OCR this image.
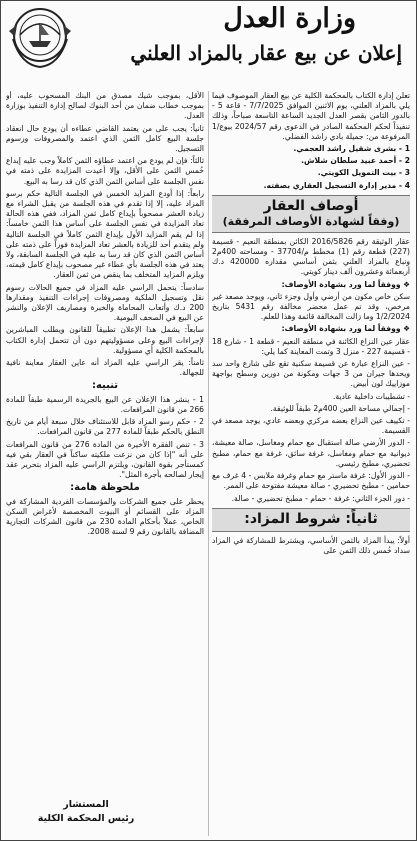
وزارة العدل
إعلان عن بيع عقار بالمزاد العلني

تعلن إدارة الكتاب بالمحكمة الكلية عن بيع العقار الموصوف فيما يلي بالمزاد العلني، يوم الاثنين الموافق 7/7/2025 - قاعة 5 - بالدور الثامن بقصر العدل الجديد الساعة التاسعة صباحاً، وذلك تنفيذاً لحكم المحكمة الصادر في الدعوى رقم 2024/57 بيوع/1 المرفوعة من: جميلة بادي راشد الفضلي.

1 - بشرى شقيل راشد العجمي.

2 - أحمد عبيد سلطان شلاش.

3 - بيت التمويل الكويتي.

4 - مدير إدارة التسجيل العقاري بصفته.

أوصاف العقار
(وفقاً لشهادة الأوصاف المرفقة)

عقار الوثيقة رقم 2016/5826 الكائن بمنطقة النعيم - قسيمة (227) قطعة رقم (1) مخطط م/37704 - ومساحته 400م2 وتباع بالمزاد العلني بثمن أساسي مقداره 420000 د.ك أربعمائة وعشرون ألف دينار كويتي.

❖ ووفقاً لما ورد بشهادة الأوصاف:

سكن خاص مكون من أرضي وأول وجزء ثاني، ويوجد مصعد غير مرخص، وقد تم عمل محضر مخالفة رقم 5431 بتاريخ 1/2/2024 وما زالت المخالفة قائمة وهذا للعلم.

❖ ووفقاً لما ورد بشهادة الأوصاف:

عقار عين النزاع الكائنة في منطقة النعيم - قطعة 1 - شارع 18 - قسيمة 227 - منزل 3 وتمت المعاينة كما يلي:

- عين النزاع عبارة عن قسيمة سكنية تقع على شارع واحد سد ويحدها جيران من 3 جهات ومكونة من دورين وسطح بواجهة موزاييك لون أبيض.

- تشطيبات داخلية عادية.

- إجمالي مساحة العين 400م2 طبقاً للوثيقة.

- تكييف عين النزاع بعضه مركزي وبعضه عادي، يوجد مصعد في القسيمة.

- الدور الأرضي صالة استقبال مع حمام ومغاسل، صالة معيشة، ديوانية مع حمام ومغاسل، غرفة سائق، غرفة مع حمام، مطبخ تحضيري، مطبخ رئيسي.

- الدور الأول: غرفة ماستر مع حمام وغرفة ملابس - 4 غرف مع حمامين - مطبخ تحضيري - صالة معيشة مفتوحة على الممر.

- دور الجزء الثاني: غرفة - حمام - مطبخ تحضيري - صالة.

ثانياً: شروط المزاد:

أولاً: يبدأ المزاد بالثمن الأساسي، ويشترط للمشاركة في المزاد سداد خُمس ذلك الثمن على

الأقل، بموجب شيك مصدق من البنك المسحوب عليه، أو بموجب خطاب ضمان من أحد البنوك لصالح إدارة التنفيذ بوزارة العدل.

ثانياً: يجب على من يعتمد القاضي عطاءه أن يودع حال انعقاد جلسة البيع كامل الثمن الذي اعتمد والمصروفات ورسوم التسجيل.

ثالثاً: فإن لم يودع من اعتمد عطاؤه الثمن كاملاً وجب عليه إيداع خُمس الثمن على الأقل، وإلا أعيدت المزايدة على ذمته في نفس الجلسة على أساس الثمن الذي كان قد رسا به البيع.

رابعاً: إذا أودع المزايد الخمس في الجلسة التالية حكم برسو المزاد عليه، إلا إذا تقدم في هذه الجلسة من يقبل الشراء مع زيادة العشر مصحوباً بإيداع كامل ثمن المزاد، ففي هذه الحالة تعاد المزايدة في نفس الجلسة على أساس هذا الثمن خامساً: إذا لم يقم المزايد الأول بإيداع الثمن كاملاً في الجلسة التالية ولم يتقدم أحد للزيادة بالعشر تعاد المزايدة فوراً على ذمته على أساس الثمن الذي كان قد رسا به عليه في الجلسة السابقة، ولا يعتد في هذه الجلسة بأي عطاء غير مصحوب بإيداع كامل قيمته، ويلزم المزايد المتخلف بما ينقص من ثمن العقار.

سادساً: يتحمل الراسي عليه المزاد في جميع الحالات رسوم نقل وتسجيل الملكية ومصروفات إجراءات التنفيذ ومقدارها 200 د.ك وأتعاب المحاماة والخبرة ومصاريف الإعلان والنشر عن البيع في الصحف اليومية.

سابعاً: يشمل هذا الإعلان تطبيقاً للقانون ويطلب المباشرين لإجراءات البيع وعلى مسؤوليتهم دون أن تتحمل إدارة الكتاب بالمحكمة الكلية أي مسؤولية.

ثامناً: يقر الراسي عليه المزاد أنه عاين العقار معاينة نافية للجهالة.

تنبيه:

1 - ينشر هذا الإعلان عن البيع بالجريدة الرسمية طبقاً للمادة 266 من قانون المرافعات.

2 - حكم رسو المزاد قابل للاستئناف خلال سبعة أيام من تاريخ النطق بالحكم طبقاً للمادة 277 من قانون المرافعات.

3 - تنص الفقرة الأخيرة من المادة 276 من قانون المرافعات على أنه "إذا كان من نزعت ملكيته ساكناً في العقار بقي فيه كمستأجر بقوة القانون، ويلتزم الراسي عليه المزاد بتحرير عقد إيجار لصالحه بأجرة المثل".

ملحوظة هامة:

يحظر على جميع الشركات والمؤسسات الفردية المشاركة في المزاد على القسائم أو البيوت المخصصة لأغراض السكن الخاص، عملاً بأحكام المادة 230 من قانون الشركات التجارية المضافة بالقانون رقم 9 لسنة 2008.

المستشار
رئيس المحكمة الكلية
